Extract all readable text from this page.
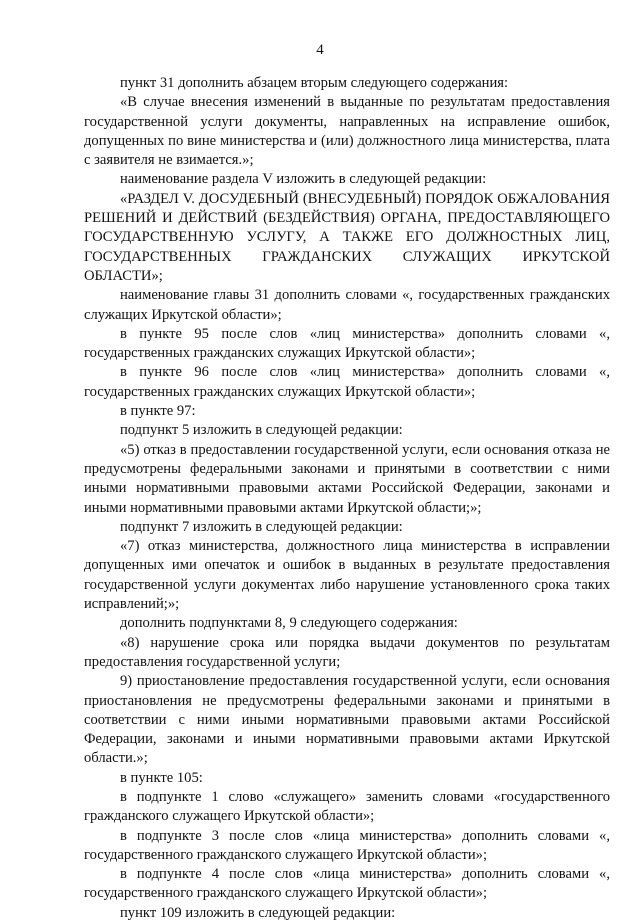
4

пункт 31 дополнить абзацем вторым следующего содержания:

«В случае внесения изменений в выданные по результатам предоставления государственной услуги документы, направленных на исправление ошибок, допущенных по вине министерства и (или) должностного лица министерства, плата с заявителя не взимается.»;

наименование раздела V изложить в следующей редакции:

«РАЗДЕЛ V. ДОСУДЕБНЫЙ (ВНЕСУДЕБНЫЙ) ПОРЯДОК ОБЖАЛОВАНИЯ РЕШЕНИЙ И ДЕЙСТВИЙ (БЕЗДЕЙСТВИЯ) ОРГАНА, ПРЕДОСТАВЛЯЮЩЕГО ГОСУДАРСТВЕННУЮ УСЛУГУ, А ТАКЖЕ ЕГО ДОЛЖНОСТНЫХ ЛИЦ, ГОСУДАРСТВЕННЫХ ГРАЖДАНСКИХ СЛУЖАЩИХ ИРКУТСКОЙ ОБЛАСТИ»;

наименование главы 31 дополнить словами «, государственных гражданских служащих Иркутской области»;

в пункте 95 после слов «лиц министерства» дополнить словами «, государственных гражданских служащих Иркутской области»;

в пункте 96 после слов «лиц министерства» дополнить словами «, государственных гражданских служащих Иркутской области»;

в пункте 97:

подпункт 5 изложить в следующей редакции:

«5) отказ в предоставлении государственной услуги, если основания отказа не предусмотрены федеральными законами и принятыми в соответствии с ними иными нормативными правовыми актами Российской Федерации, законами и иными нормативными правовыми актами Иркутской области;»;

подпункт 7 изложить в следующей редакции:

«7) отказ министерства, должностного лица министерства в исправлении допущенных ими опечаток и ошибок в выданных в результате предоставления государственной услуги документах либо нарушение установленного срока таких исправлений;»;

дополнить подпунктами 8, 9 следующего содержания:

«8) нарушение срока или порядка выдачи документов по результатам предоставления государственной услуги;

9) приостановление предоставления государственной услуги, если основания приостановления не предусмотрены федеральными законами и принятыми в соответствии с ними иными нормативными правовыми актами Российской Федерации, законами и иными нормативными правовыми актами Иркутской области.»;

в пункте 105:

в подпункте 1 слово «служащего» заменить словами «государственного гражданского служащего Иркутской области»;

в подпункте 3 после слов «лица министерства» дополнить словами «, государственного гражданского служащего Иркутской области»;

в подпункте 4 после слов «лица министерства» дополнить словами «, государственного гражданского служащего Иркутской области»;

пункт 109 изложить в следующей редакции:
